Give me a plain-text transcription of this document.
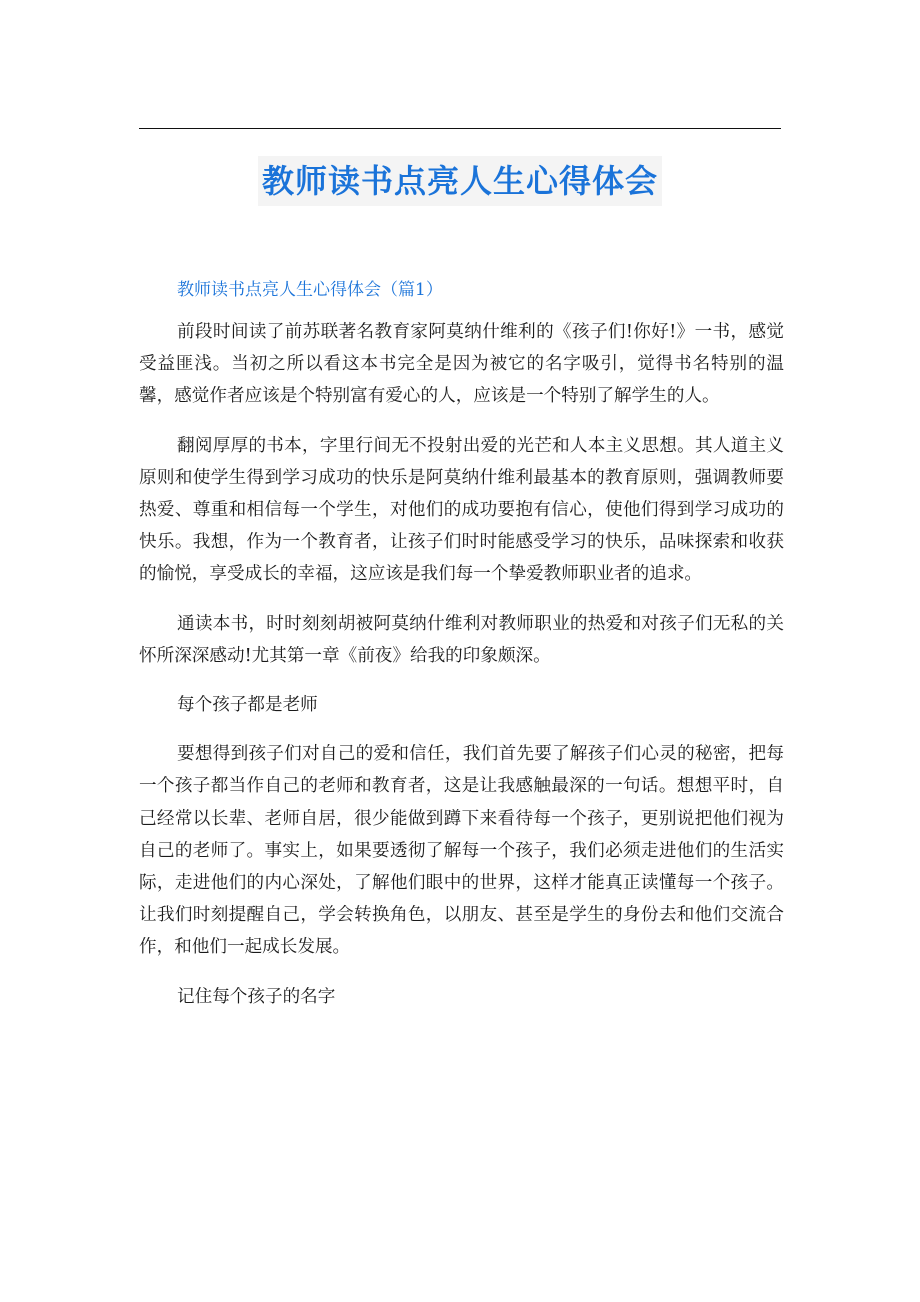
教师读书点亮人生心得体会

教师读书点亮人生心得体会（篇1）

前段时间读了前苏联著名教育家阿莫纳什维利的《孩子们!你好!》一书，感觉受益匪浅。当初之所以看这本书完全是因为被它的名字吸引，觉得书名特别的温馨，感觉作者应该是个特别富有爱心的人，应该是一个特别了解学生的人。

翻阅厚厚的书本，字里行间无不投射出爱的光芒和人本主义思想。其人道主义原则和使学生得到学习成功的快乐是阿莫纳什维利最基本的教育原则，强调教师要热爱、尊重和相信每一个学生，对他们的成功要抱有信心，使他们得到学习成功的快乐。我想，作为一个教育者，让孩子们时时能感受学习的快乐，品味探索和收获的愉悦，享受成长的幸福，这应该是我们每一个挚爱教师职业者的追求。

通读本书，时时刻刻胡被阿莫纳什维利对教师职业的热爱和对孩子们无私的关怀所深深感动!尤其第一章《前夜》给我的印象颇深。

每个孩子都是老师

要想得到孩子们对自己的爱和信任，我们首先要了解孩子们心灵的秘密，把每一个孩子都当作自己的老师和教育者，这是让我感触最深的一句话。想想平时，自己经常以长辈、老师自居，很少能做到蹲下来看待每一个孩子，更别说把他们视为自己的老师了。事实上，如果要透彻了解每一个孩子，我们必须走进他们的生活实际，走进他们的内心深处，了解他们眼中的世界，这样才能真正读懂每一个孩子。让我们时刻提醒自己，学会转换角色，以朋友、甚至是学生的身份去和他们交流合作，和他们一起成长发展。

记住每个孩子的名字
